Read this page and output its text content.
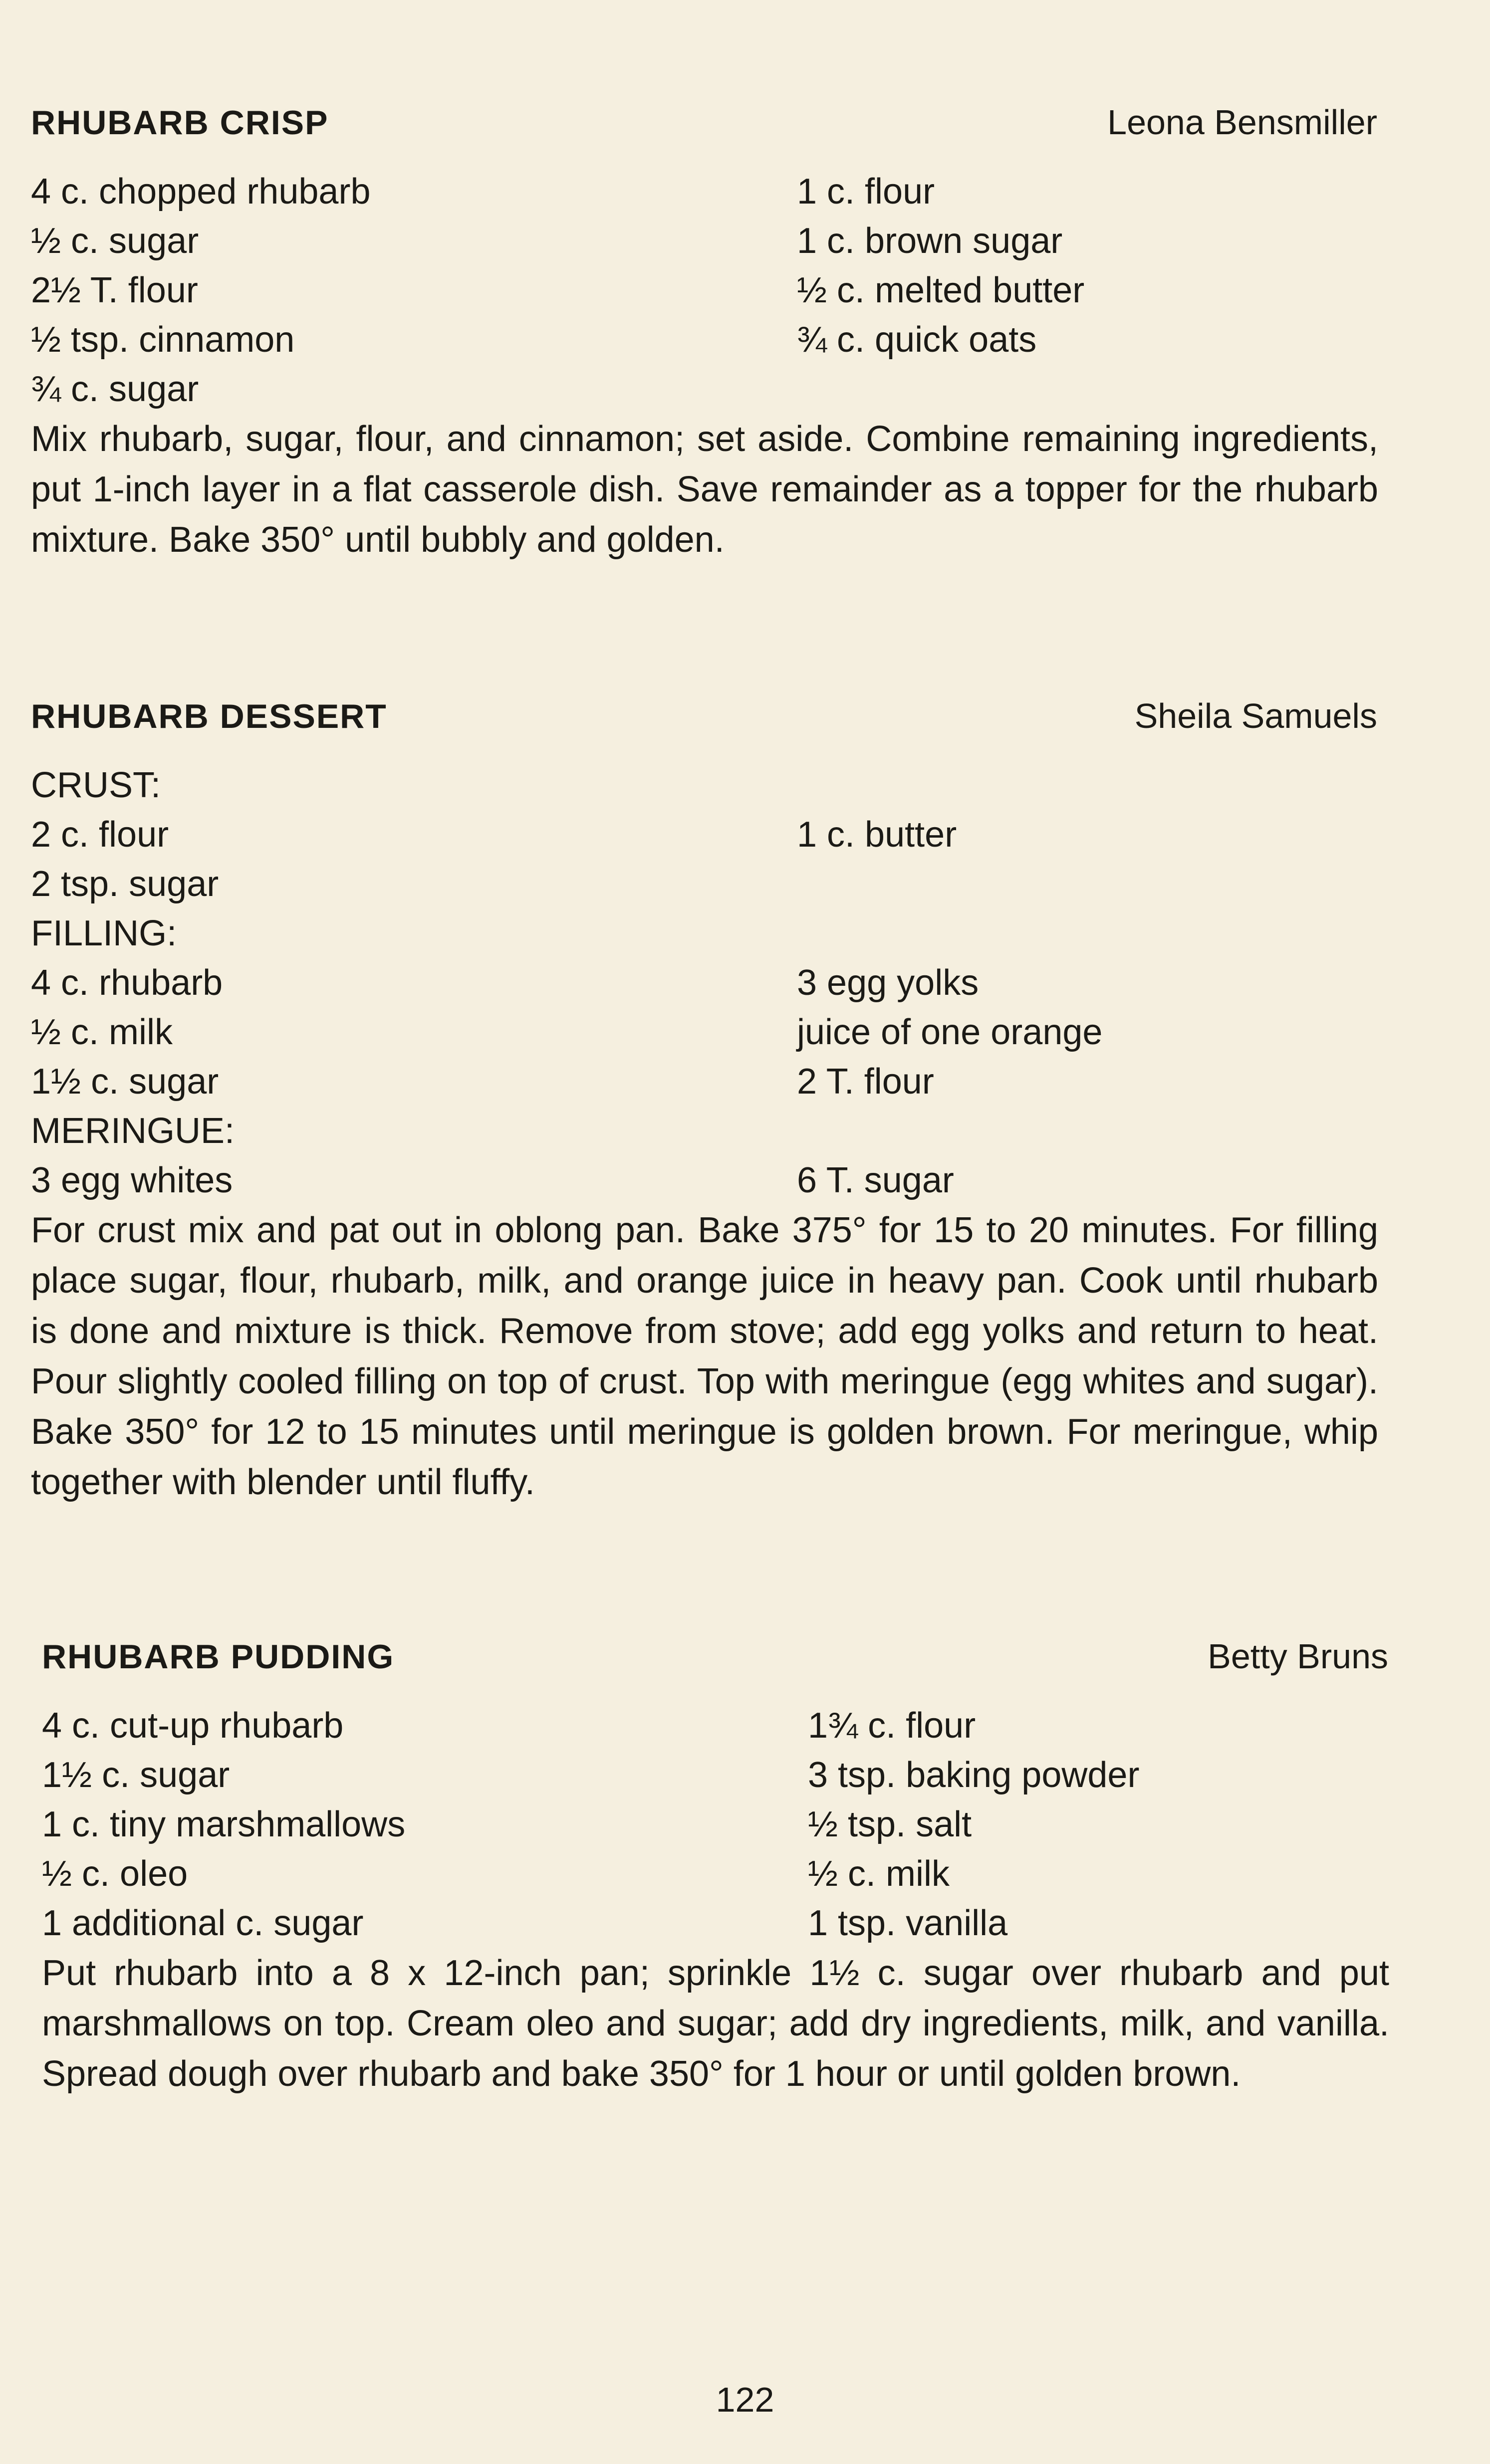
RHUBARB CRISP	Leona Bensmiller
4 c. chopped rhubarb	1 c. flour
½ c. sugar	1 c. brown sugar
2½ T. flour	½ c. melted butter
½ tsp. cinnamon	¾ c. quick oats
¾ c. sugar

Mix rhubarb, sugar, flour, and cinnamon; set aside. Combine remaining ingredients, put 1-inch layer in a flat casserole dish. Save remainder as a topper for the rhubarb mixture. Bake 350° until bubbly and golden.

RHUBARB DESSERT	Sheila Samuels
CRUST:
2 c. flour	1 c. butter
2 tsp. sugar
FILLING:
4 c. rhubarb	3 egg yolks
½ c. milk	juice of one orange
1½ c. sugar	2 T. flour
MERINGUE:
3 egg whites	6 T. sugar

For crust mix and pat out in oblong pan. Bake 375° for 15 to 20 minutes. For filling place sugar, flour, rhubarb, milk, and orange juice in heavy pan. Cook until rhubarb is done and mixture is thick. Remove from stove; add egg yolks and return to heat. Pour slightly cooled filling on top of crust. Top with meringue (egg whites and sugar). Bake 350° for 12 to 15 minutes until meringue is golden brown. For meringue, whip together with blender until fluffy.

RHUBARB PUDDING	Betty Bruns
4 c. cut-up rhubarb	1¾ c. flour
1½ c. sugar	3 tsp. baking powder
1 c. tiny marshmallows	½ tsp. salt
½ c. oleo	½ c. milk
1 additional c. sugar	1 tsp. vanilla

Put rhubarb into a 8 x 12-inch pan; sprinkle 1½ c. sugar over rhubarb and put marshmallows on top. Cream oleo and sugar; add dry ingredients, milk, and vanilla. Spread dough over rhubarb and bake 350° for 1 hour or until golden brown.

122
